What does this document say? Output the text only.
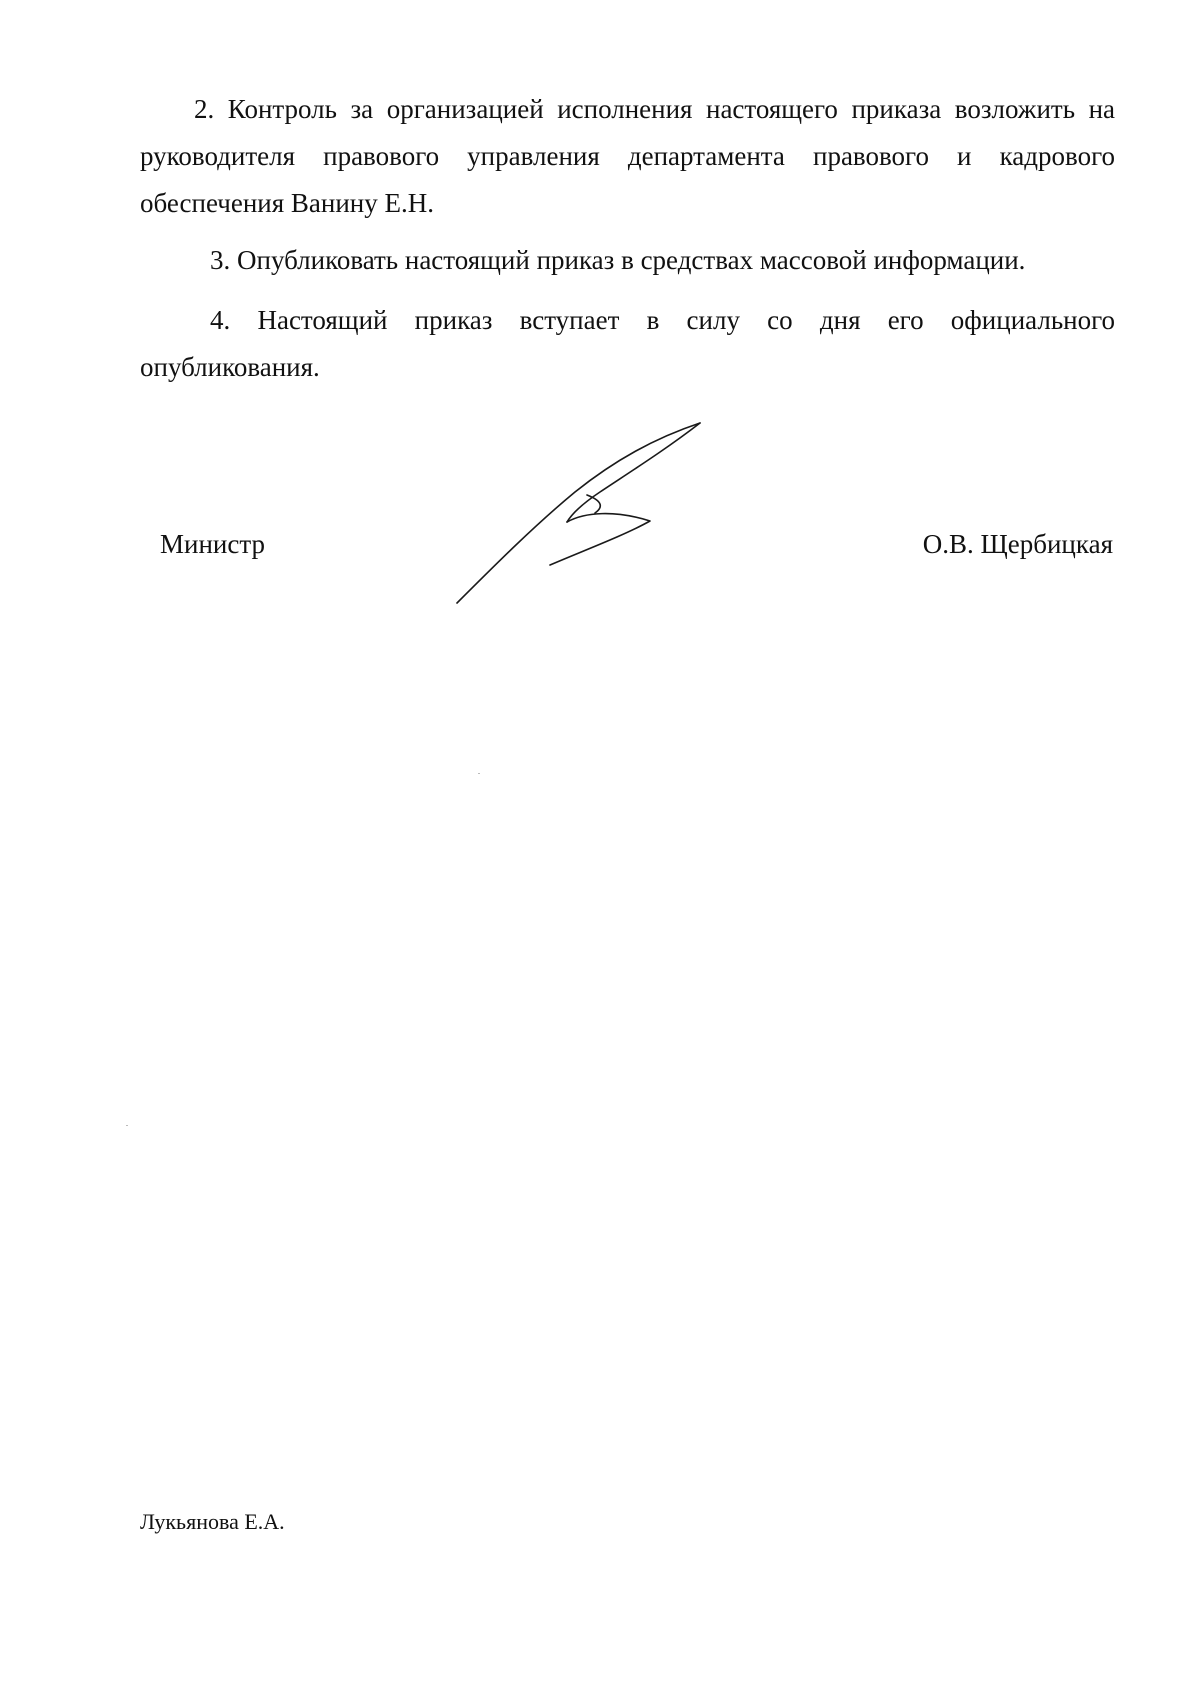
2. Контроль за организацией исполнения настоящего приказа возложить на руководителя правового управления департамента правового и кадрового обеспечения Ванину Е.Н.

3. Опубликовать настоящий приказ в средствах массовой информации.

4. Настоящий приказ вступает в силу со дня его официального опубликования.

Министр	О.В. Щербицкая
Лукьянова Е.А.
